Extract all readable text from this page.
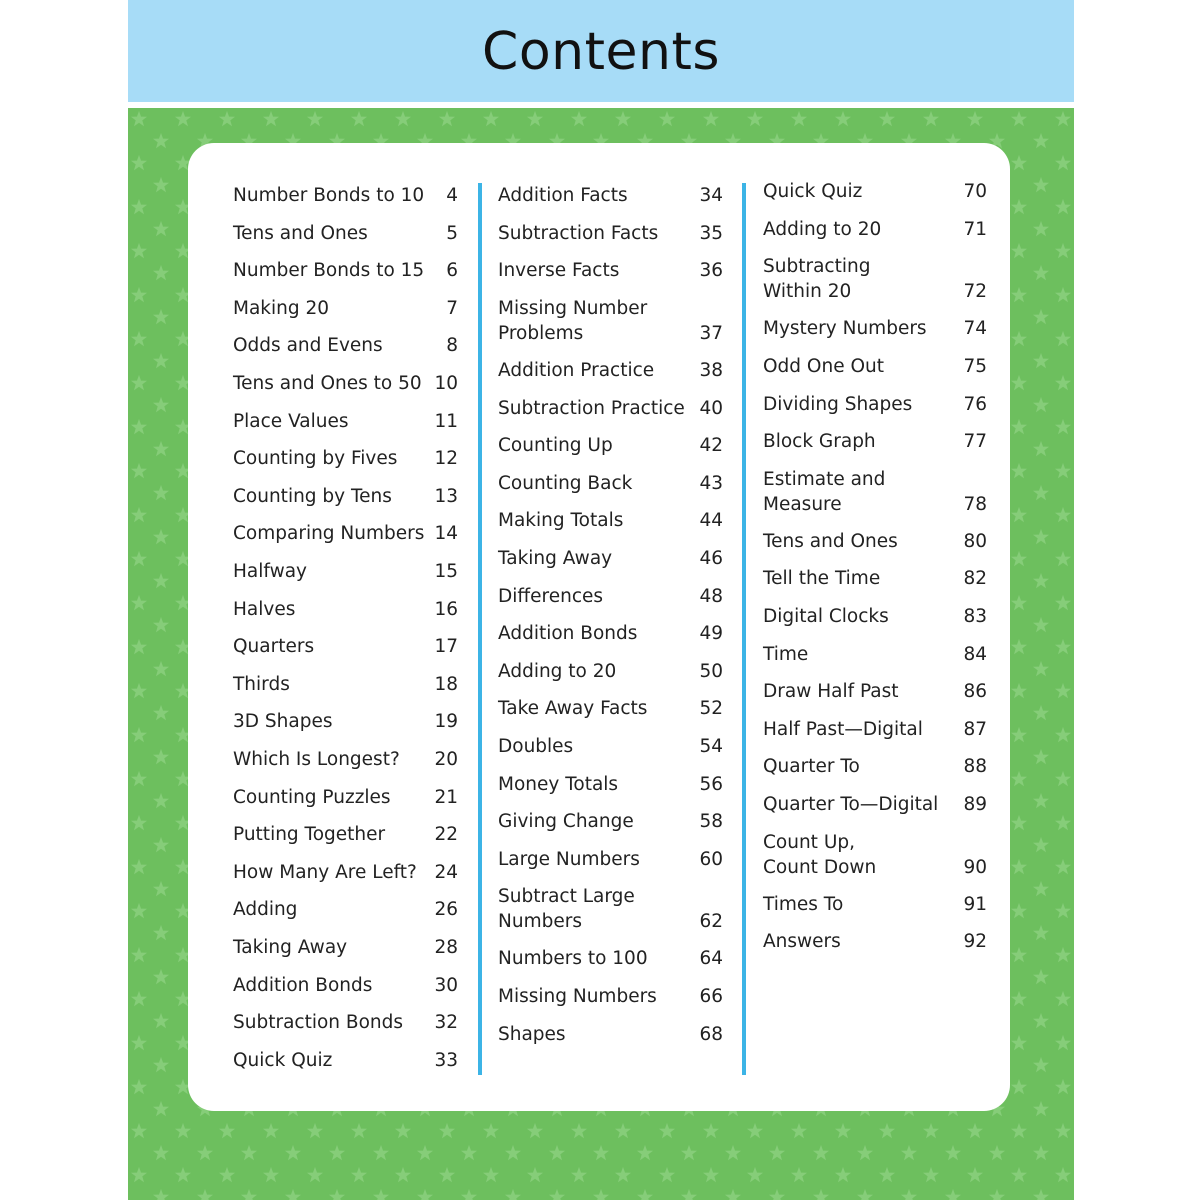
Contents
Number Bonds to 10 4
Tens and Ones	5
Number Bonds to 15 6
Making 20	7
Odds and Evens	8
Tens and Ones to 50 10
Place Values	11
Counting by Fives 12
Counting by Tens 13
Comparing Numbers 14
Halfway	15
Halves	16
Quarters	17
Thirds	18
3D Shapes	19
Which Is Longest? 20
Counting Puzzles 21
Putting Together	22
How Many Are Left? 24
Adding	26
Taking Away	28
Addition Bonds	30
Subtraction Bonds 32
Quick Quiz	33
Addition Facts	34
Subtraction Facts 35
Inverse Facts	36
Missing Number
Problems	37
Addition Practice 38
Subtraction Practice 40
Counting Up	42
Counting Back	43
Making Totals	44
Taking Away	46
Differences	48
Addition Bonds	49
Adding to 20	50
Take Away Facts	52
Doubles	54
Money Totals	56
Giving Change	58
Large Numbers	60
Subtract Large
Numbers	62
Numbers to 100	64
Missing Numbers 66
Shapes	68
Quick Quiz	70
Adding to 20	71
Subtracting
Within 20	72
Mystery Numbers 74
Odd One Out	75
Dividing Shapes	76
Block Graph	77
Estimate and
Measure	78
Tens and Ones	80
Tell the Time	82
Digital Clocks	83
Time	84
Draw Half Past	86
Half Past—Digital 87
Quarter To	88
Quarter To—Digital 89
Count Up,
Count Down	90
Times To	91
Answers	92
